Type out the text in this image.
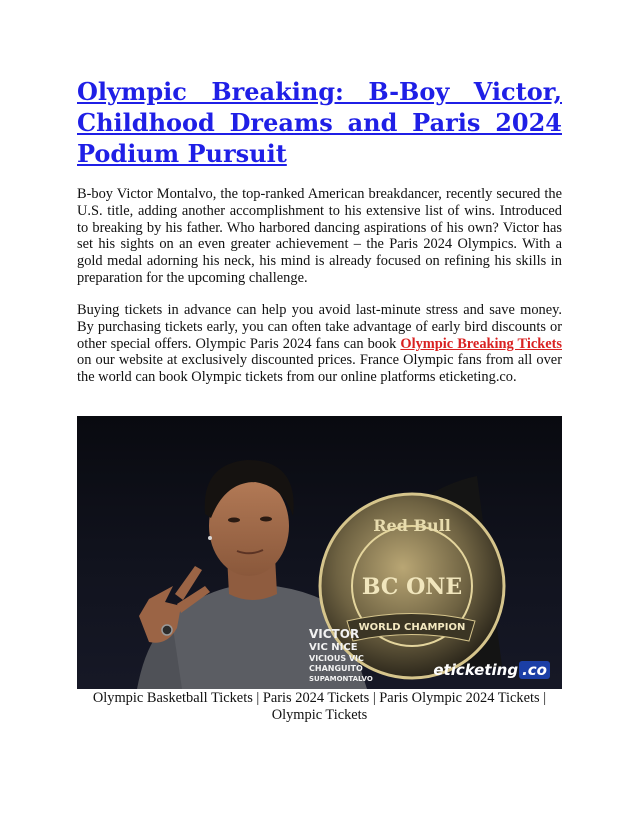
Olympic Breaking: B-Boy Victor, Childhood Dreams and Paris 2024 Podium Pursuit

B-boy Victor Montalvo, the top-ranked American breakdancer, recently secured the U.S. title, adding another accomplishment to his extensive list of wins. Introduced to breaking by his father. Who harbored dancing aspirations of his own? Victor has set his sights on an even greater achievement – the Paris 2024 Olympics. With a gold medal adorning his neck, his mind is already focused on refining his skills in preparation for the upcoming challenge.

Buying tickets in advance can help you avoid last-minute stress and save money. By purchasing tickets early, you can often take advantage of early bird discounts or other special offers. Olympic Paris 2024 fans can book Olympic Breaking Tickets on our website at exclusively discounted prices. France Olympic fans from all over the world can book Olympic tickets from our online platforms eticketing.co.

Red Bull
BC ONE
WORLD CHAMPION
VICTOR
VIC NICE
VICIOUS VIC
CHANGUITO
SUPAMONTALVO	eticketing .co

Olympic Basketball Tickets | Paris 2024 Tickets | Paris Olympic 2024 Tickets | Olympic Tickets
